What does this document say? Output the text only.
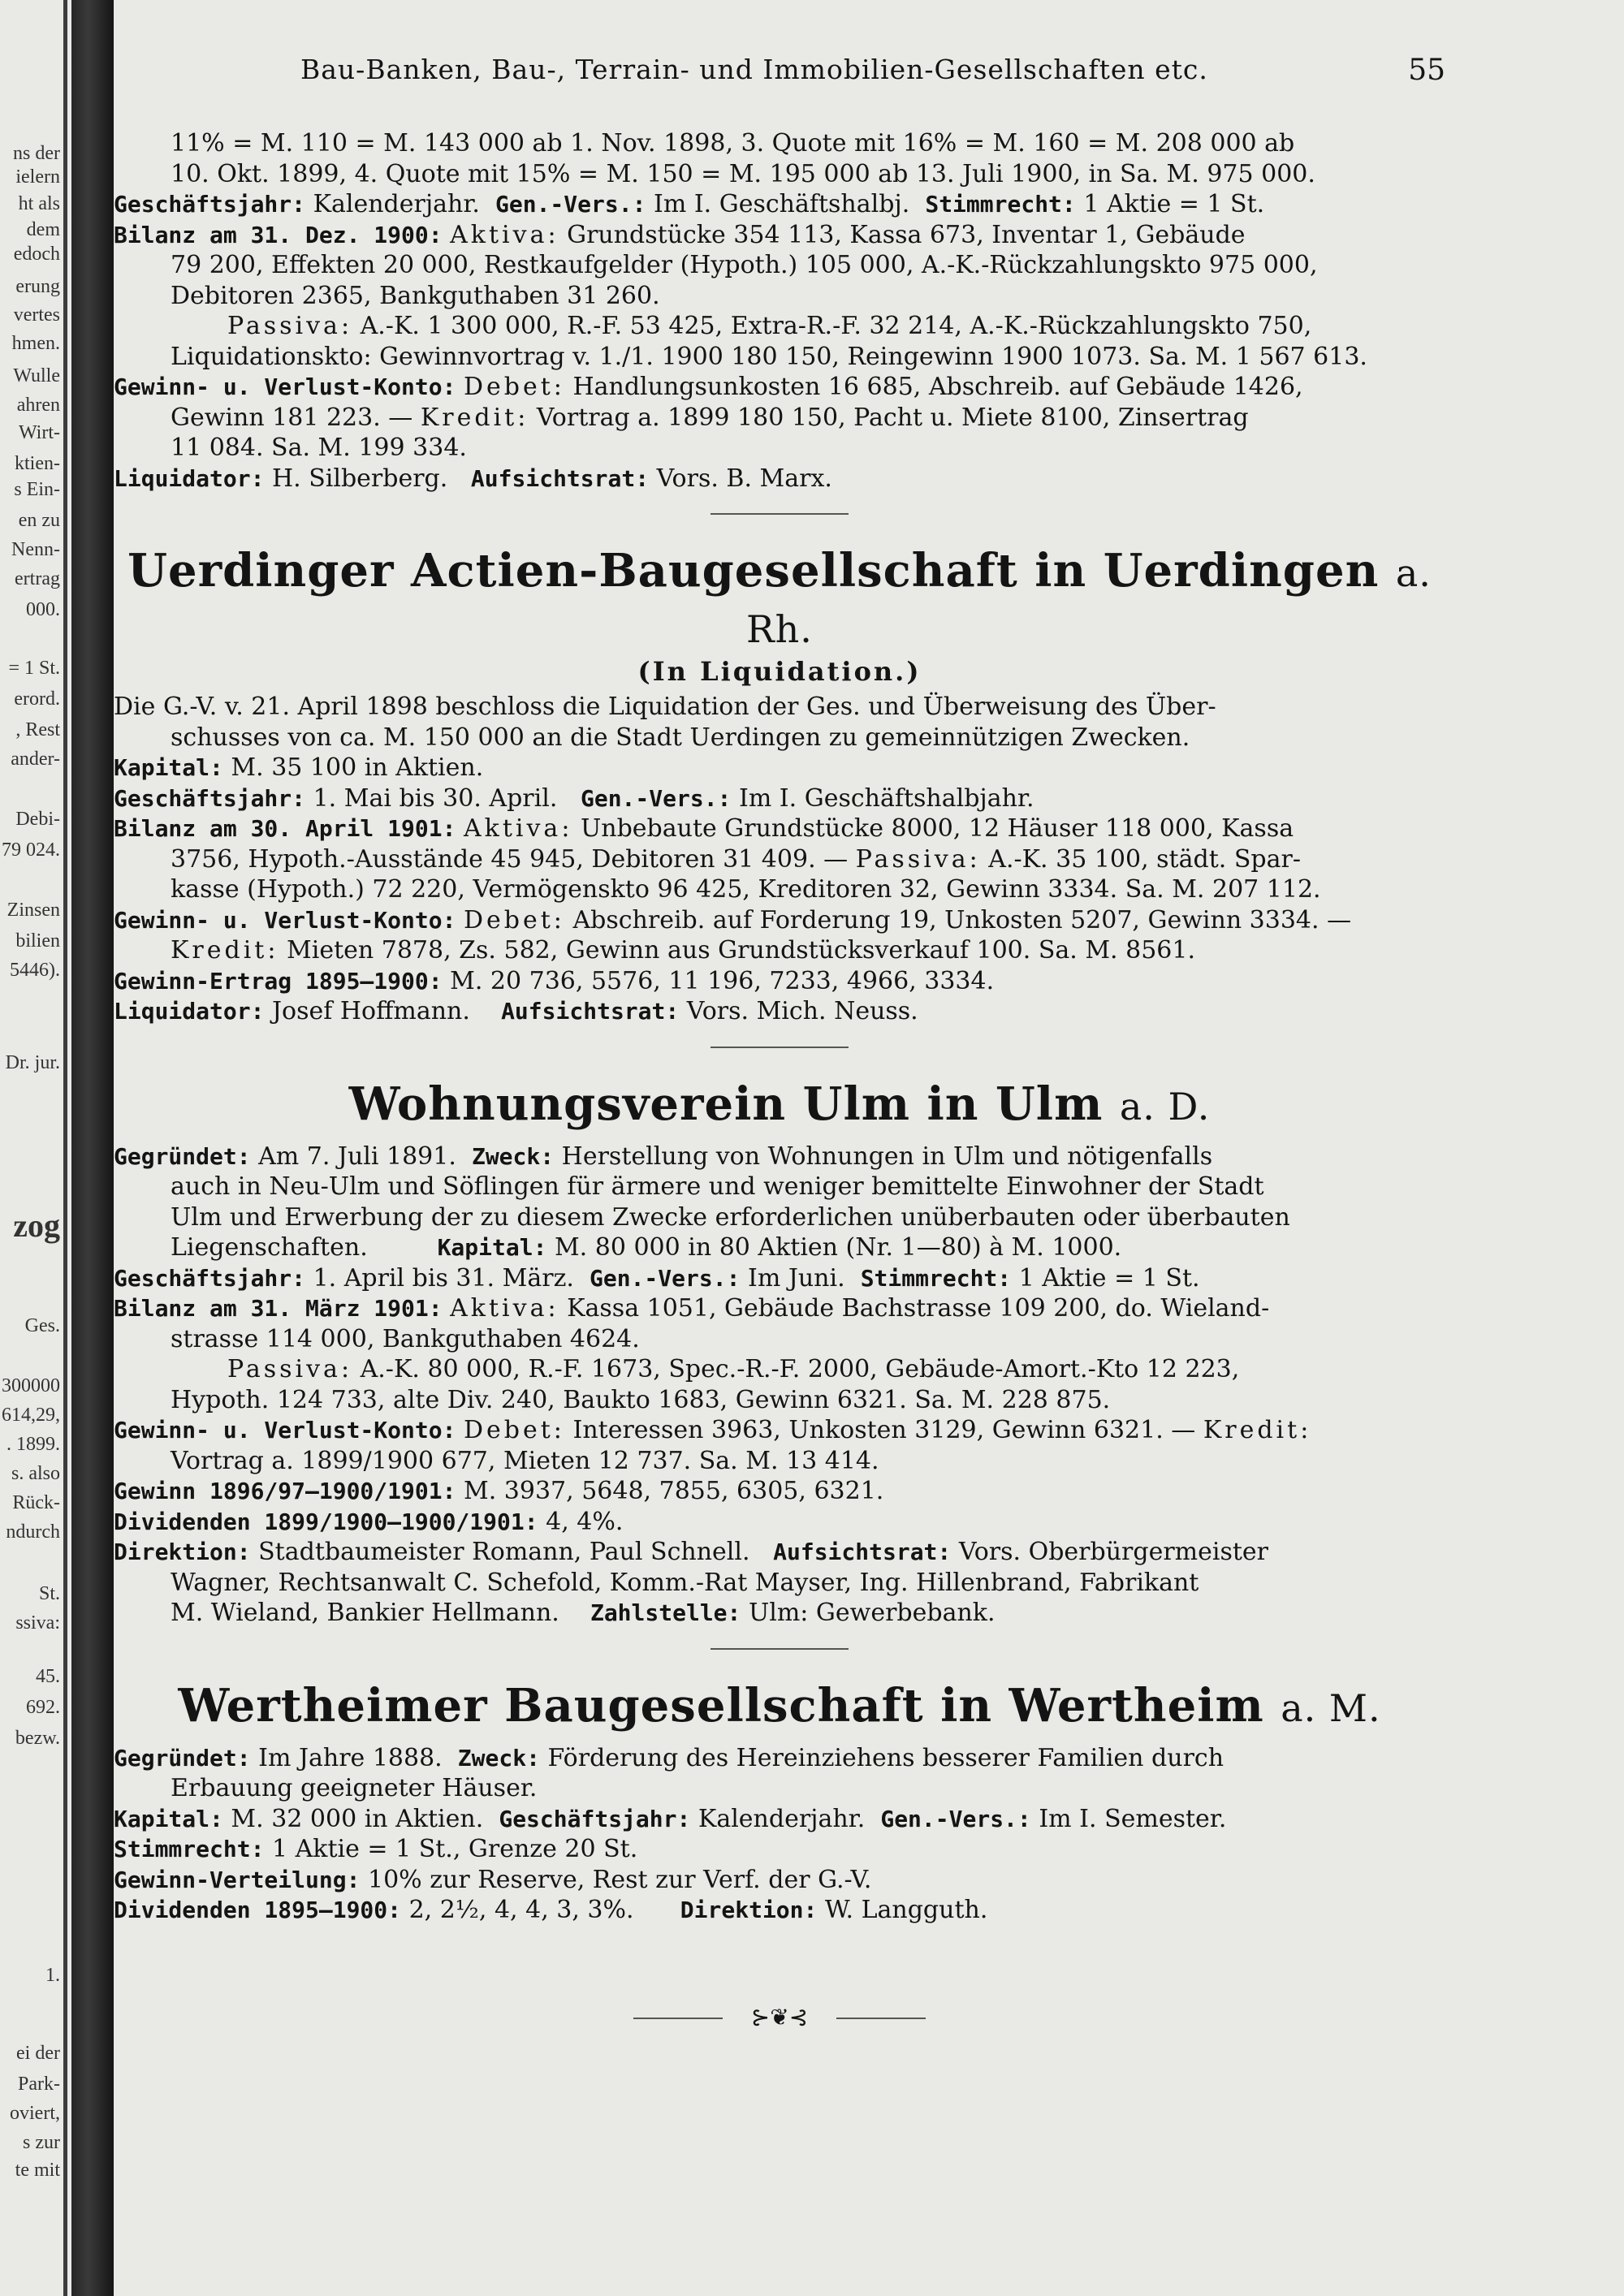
ns der
ielern
ht als
dem
edoch
erung
vertes
hmen.
Wulle
ahren
Wirt-
ktien-
s Ein-
en zu
Nenn-
ertrag
000.
= 1 St.
erord.
, Rest
ander-
Debi-
79 024.
Zinsen
bilien
5446).
Dr. jur.
zog
Ges.
300000
614,29,
. 1899.
s. also
Rück-
ndurch
St.
ssiva:
45.
692.
bezw.
1.
ei der
Park-
oviert,
s zur
te mit
Bau-Banken, Bau-, Terrain- und Immobilien-Gesellschaften etc.	55

11% = M. 110 = M. 143 000 ab 1. Nov. 1898, 3. Quote mit 16% = M. 160 = M. 208 000 ab

10. Okt. 1899, 4. Quote mit 15% = M. 150 = M. 195 000 ab 13. Juli 1900, in Sa. M. 975 000.

Geschäftsjahr: Kalenderjahr. Gen.-Vers.: Im I. Geschäftshalbj. Stimmrecht: 1 Aktie = 1 St.

Bilanz am 31. Dez. 1900: Aktiva: Grundstücke 354 113, Kassa 673, Inventar 1, Gebäude

79 200, Effekten 20 000, Restkaufgelder (Hypoth.) 105 000, A.-K.-Rückzahlungskto 975 000,

Debitoren 2365, Bankguthaben 31 260.

Passiva: A.-K. 1 300 000, R.-F. 53 425, Extra-R.-F. 32 214, A.-K.-Rückzahlungskto 750,

Liquidationskto: Gewinnvortrag v. 1./1. 1900 180 150, Reingewinn 1900 1073. Sa. M. 1 567 613.

Gewinn- u. Verlust-Konto: Debet: Handlungsunkosten 16 685, Abschreib. auf Gebäude 1426,

Gewinn 181 223. — Kredit: Vortrag a. 1899 180 150, Pacht u. Miete 8100, Zinsertrag

11 084. Sa. M. 199 334.

Liquidator: H. Silberberg. Aufsichtsrat: Vors. B. Marx.

Uerdinger Actien-Baugesellschaft in Uerdingen a. Rh.

(In Liquidation.)

Die G.-V. v. 21. April 1898 beschloss die Liquidation der Ges. und Überweisung des Über-

schusses von ca. M. 150 000 an die Stadt Uerdingen zu gemeinnützigen Zwecken.

Kapital: M. 35 100 in Aktien.

Geschäftsjahr: 1. Mai bis 30. April. Gen.-Vers.: Im I. Geschäftshalbjahr.

Bilanz am 30. April 1901: Aktiva: Unbebaute Grundstücke 8000, 12 Häuser 118 000, Kassa

3756, Hypoth.-Ausstände 45 945, Debitoren 31 409. — Passiva: A.-K. 35 100, städt. Spar-

kasse (Hypoth.) 72 220, Vermögenskto 96 425, Kreditoren 32, Gewinn 3334. Sa. M. 207 112.

Gewinn- u. Verlust-Konto: Debet: Abschreib. auf Forderung 19, Unkosten 5207, Gewinn 3334. —

Kredit: Mieten 7878, Zs. 582, Gewinn aus Grundstücksverkauf 100. Sa. M. 8561.

Gewinn-Ertrag 1895—1900: M. 20 736, 5576, 11 196, 7233, 4966, 3334.

Liquidator: Josef Hoffmann. Aufsichtsrat: Vors. Mich. Neuss.

Wohnungsverein Ulm in Ulm a. D.

Gegründet: Am 7. Juli 1891. Zweck: Herstellung von Wohnungen in Ulm und nötigenfalls

auch in Neu-Ulm und Söflingen für ärmere und weniger bemittelte Einwohner der Stadt

Ulm und Erwerbung der zu diesem Zwecke erforderlichen unüberbauten oder überbauten

Liegenschaften.	Kapital: M. 80 000 in 80 Aktien (Nr. 1—80) à M. 1000.

Geschäftsjahr: 1. April bis 31. März. Gen.-Vers.: Im Juni. Stimmrecht: 1 Aktie = 1 St.

Bilanz am 31. März 1901: Aktiva: Kassa 1051, Gebäude Bachstrasse 109 200, do. Wieland-

strasse 114 000, Bankguthaben 4624.

Passiva: A.-K. 80 000, R.-F. 1673, Spec.-R.-F. 2000, Gebäude-Amort.-Kto 12 223,

Hypoth. 124 733, alte Div. 240, Baukto 1683, Gewinn 6321. Sa. M. 228 875.

Gewinn- u. Verlust-Konto: Debet: Interessen 3963, Unkosten 3129, Gewinn 6321. — Kredit:

Vortrag a. 1899/1900 677, Mieten 12 737. Sa. M. 13 414.

Gewinn 1896/97—1900/1901: M. 3937, 5648, 7855, 6305, 6321.

Dividenden 1899/1900—1900/1901: 4, 4%.

Direktion: Stadtbaumeister Romann, Paul Schnell. Aufsichtsrat: Vors. Oberbürgermeister

Wagner, Rechtsanwalt C. Schefold, Komm.-Rat Mayser, Ing. Hillenbrand, Fabrikant

M. Wieland, Bankier Hellmann. Zahlstelle: Ulm: Gewerbebank.

Wertheimer Baugesellschaft in Wertheim a. M.

Gegründet: Im Jahre 1888. Zweck: Förderung des Hereinziehens besserer Familien durch

Erbauung geeigneter Häuser.

Kapital: M. 32 000 in Aktien. Geschäftsjahr: Kalenderjahr. Gen.-Vers.: Im I. Semester.

Stimmrecht: 1 Aktie = 1 St., Grenze 20 St.

Gewinn-Verteilung: 10% zur Reserve, Rest zur Verf. der G.-V.

Dividenden 1895—1900: 2, 2½, 4, 4, 3, 3%. Direktion: W. Langguth.

⊱❦⊰
